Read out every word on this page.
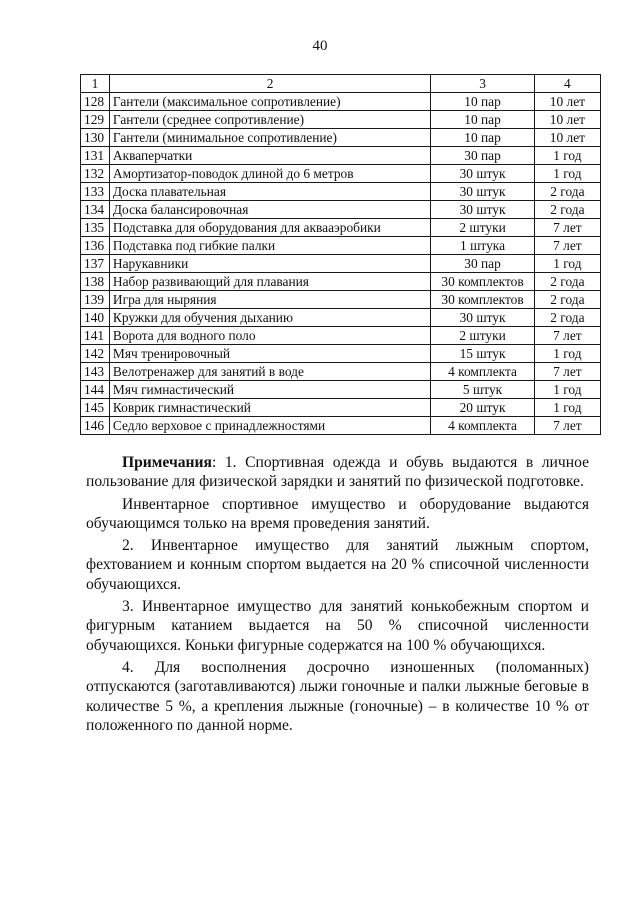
40
1	2	3	4
128	Гантели (максимальное сопротивление)	10 пар	10 лет
129	Гантели (среднее сопротивление)	10 пар	10 лет
130	Гантели (минимальное сопротивление)	10 пар	10 лет
131	Акваперчатки	30 пар	1 год
132	Амортизатор-поводок длиной до 6 метров	30 штук	1 год
133	Доска плавательная	30 штук	2 года
134	Доска балансировочная	30 штук	2 года
135	Подставка для оборудования для аквааэробики	2 штуки	7 лет
136	Подставка под гибкие палки	1 штука	7 лет
137	Нарукавники	30 пар	1 год
138	Набор развивающий для плавания	30 комплектов	2 года
139	Игра для ныряния	30 комплектов	2 года
140	Кружки для обучения дыханию	30 штук	2 года
141	Ворота для водного поло	2 штуки	7 лет
142	Мяч тренировочный	15 штук	1 год
143	Велотренажер для занятий в воде	4 комплекта	7 лет
144	Мяч гимнастический	5 штук	1 год
145	Коврик гимнастический	20 штук	1 год
146	Седло верховое с принадлежностями	4 комплекта	7 лет

Примечания: 1. Спортивная одежда и обувь выдаются в личное пользование для физической зарядки и занятий по физической подготовке.

Инвентарное спортивное имущество и оборудование выдаются обучающимся только на время проведения занятий.

2. Инвентарное имущество для занятий лыжным спортом, фехтованием и конным спортом выдается на 20 % списочной численности обучающихся.

3. Инвентарное имущество для занятий конькобежным спортом и фигурным катанием выдается на 50 % списочной численности обучающихся. Коньки фигурные содержатся на 100 % обучающихся.

4. Для восполнения досрочно изношенных (поломанных) отпускаются (заготавливаются) лыжи гоночные и палки лыжные беговые в количестве 5 %, а крепления лыжные (гоночные) – в количестве 10 % от положенного по данной норме.
